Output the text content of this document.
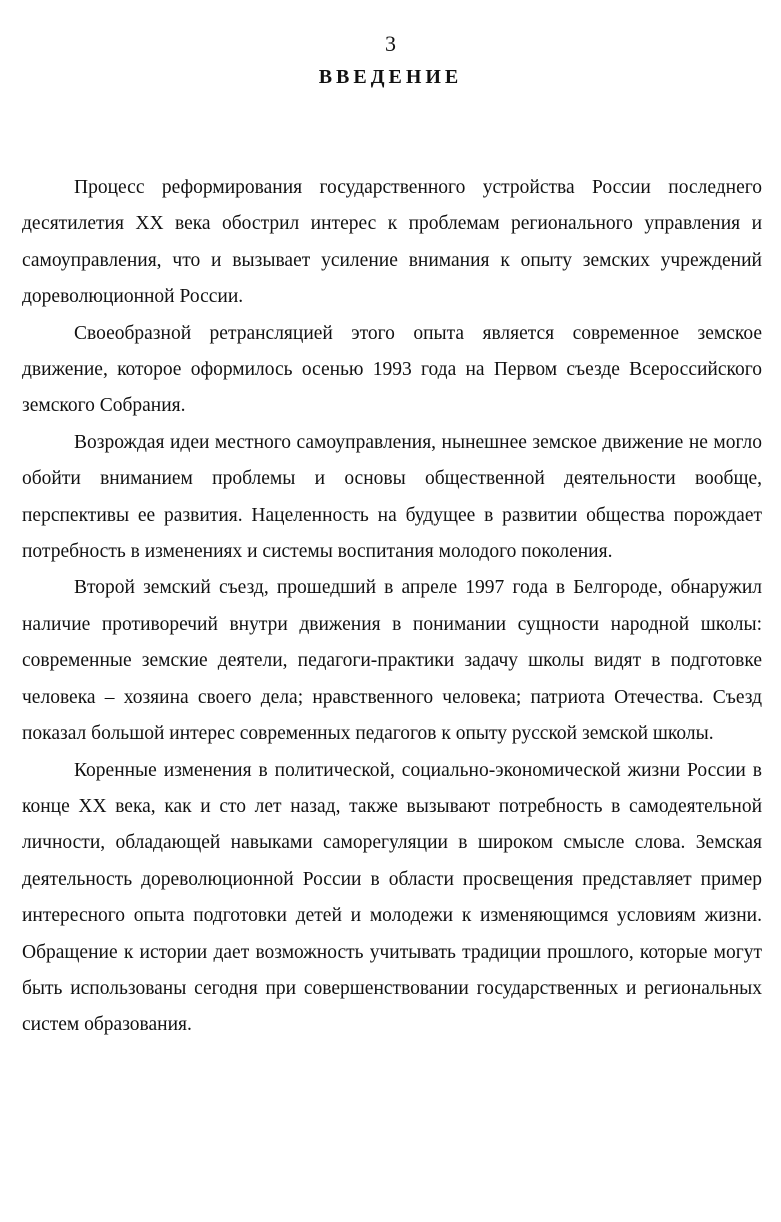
3
ВВЕДЕНИЕ

Процесс реформирования государственного устройства России последнего десятилетия XX века обострил интерес к проблемам регионального управления и самоуправления, что и вызывает усиление внимания к опыту земских учреждений дореволюционной России.

Своеобразной ретрансляцией этого опыта является современное земское движение, которое оформилось осенью 1993 года на Первом съезде Всероссийского земского Собрания.

Возрождая идеи местного самоуправления, нынешнее земское движение не могло обойти вниманием проблемы и основы общественной деятельности вообще, перспективы ее развития. Нацеленность на будущее в развитии общества порождает потребность в изменениях и системы воспитания молодого поколения.

Второй земский съезд, прошедший в апреле 1997 года в Белгороде, обнаружил наличие противоречий внутри движения в понимании сущности народной школы: современные земские деятели, педагоги-практики задачу школы видят в подготовке человека – хозяина своего дела; нравственного человека; патриота Отечества. Съезд показал большой интерес современных педагогов к опыту русской земской школы.

Коренные изменения в политической, социально-экономической жизни России в конце XX века, как и сто лет назад, также вызывают потребность в самодеятельной личности, обладающей навыками саморегуляции в широком смысле слова. Земская деятельность дореволюционной России в области просвещения представляет пример интересного опыта подготовки детей и молодежи к изменяющимся условиям жизни. Обращение к истории дает возможность учитывать традиции прошлого, которые могут быть использованы сегодня при совершенствовании государственных и региональных систем образования.
